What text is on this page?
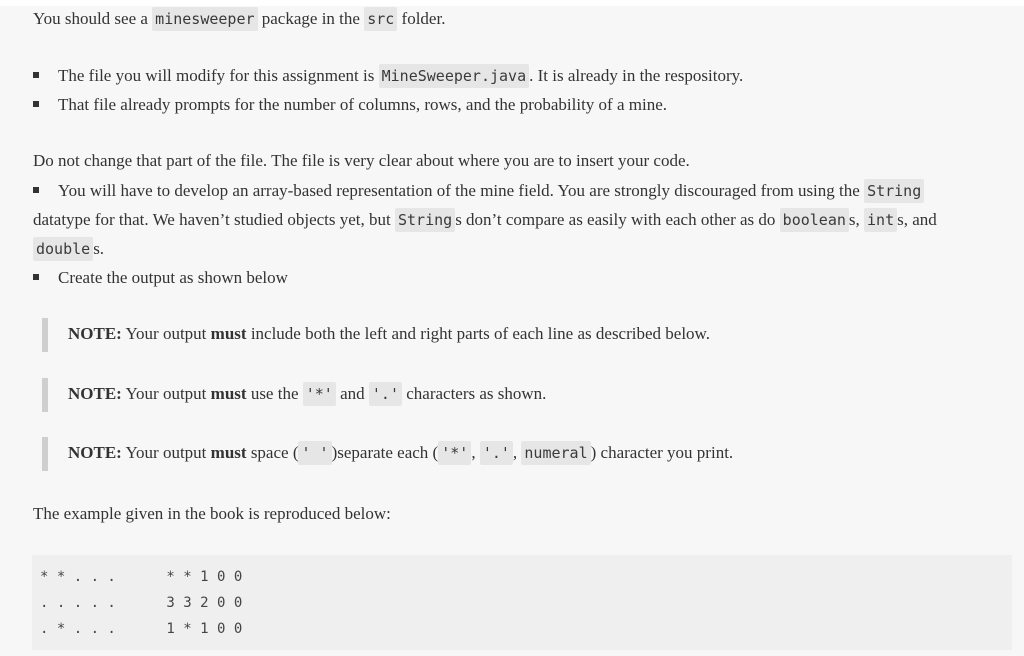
You should see a minesweeper package in the src folder.
The file you will modify for this assignment is MineSweeper.java . It is already in the respository.
That file already prompts for the number of columns, rows, and the probability of a mine.
Do not change that part of the file. The file is very clear about where you are to insert your code.
You will have to develop an array-based representation of the mine field. You are strongly discouraged from using the String
datatype for that. We haven’t studied objects yet, but String s don’t compare as easily with each other as do boolean s, int s, and
double s.
Create the output as shown below
NOTE: Your output must include both the left and right parts of each line as described below.
NOTE: Your output must use the '*' and '.' characters as shown.
NOTE: Your output must space ( ' ' )separate each ( '*' , '.' , numeral ) character you print.
The example given in the book is reproduced below:
* * . . .      * * 1 0 0
. . . . .      3 3 2 0 0
. * . . .      1 * 1 0 0
